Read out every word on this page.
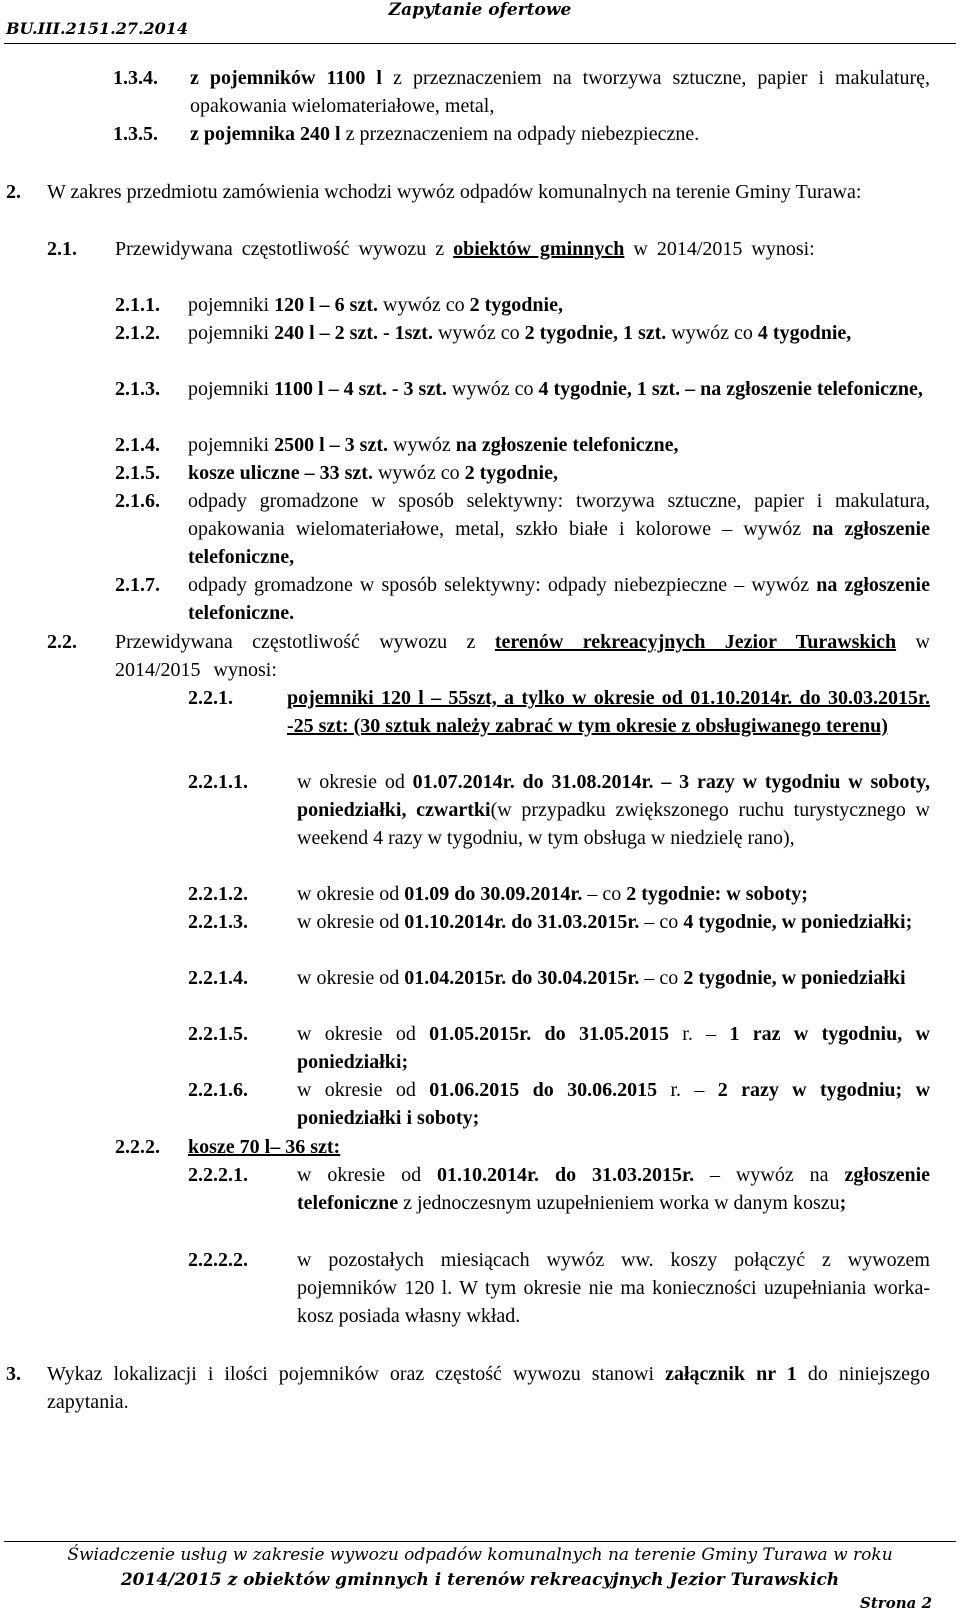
Zapytanie ofertowe
BU.III.2151.27.2014
1.3.4. z pojemników 1100 l z przeznaczeniem na tworzywa sztuczne, papier i makulaturę, opakowania wielomateriałowe, metal,
1.3.5. z pojemnika 240 l z przeznaczeniem na odpady niebezpieczne.
2. W zakres przedmiotu zamówienia wchodzi wywóz odpadów komunalnych na terenie Gminy Turawa:
2.1. Przewidywana częstotliwość wywozu z obiektów gminnych w 2014/2015 wynosi:
2.1.1. pojemniki 120 l – 6 szt. wywóz co 2 tygodnie,
2.1.2. pojemniki 240 l – 2 szt. - 1szt. wywóz co 2 tygodnie, 1 szt. wywóz co 4 tygodnie,
2.1.3. pojemniki 1100 l – 4 szt. - 3 szt. wywóz co 4 tygodnie, 1 szt. – na zgłoszenie telefoniczne,
2.1.4. pojemniki 2500 l – 3 szt. wywóz na zgłoszenie telefoniczne,
2.1.5. kosze uliczne – 33 szt. wywóz co 2 tygodnie,
2.1.6. odpady gromadzone w sposób selektywny: tworzywa sztuczne, papier i makulatura, opakowania wielomateriałowe, metal, szkło białe i kolorowe – wywóz na zgłoszenie telefoniczne,
2.1.7. odpady gromadzone w sposób selektywny: odpady niebezpieczne – wywóz na zgłoszenie telefoniczne.
2.2. Przewidywana częstotliwość wywozu z terenów rekreacyjnych Jezior Turawskich w 2014/2015 wynosi:
2.2.1.	pojemniki 120 l – 55szt, a tylko w okresie od 01.10.2014r. do 30.03.2015r. -25 szt: (30 sztuk należy zabrać w tym okresie z obsługiwanego terenu)
2.2.1.1. w okresie od 01.07.2014r. do 31.08.2014r. – 3 razy w tygodniu w soboty, poniedziałki, czwartki(w przypadku zwiększonego ruchu turystycznego w weekend 4 razy w tygodniu, w tym obsługa w niedzielę rano),
2.2.1.2. w okresie od 01.09 do 30.09.2014r. – co 2 tygodnie: w soboty;
2.2.1.3. w okresie od 01.10.2014r. do 31.03.2015r. – co 4 tygodnie, w poniedziałki;
2.2.1.4. w okresie od 01.04.2015r. do 30.04.2015r. – co 2 tygodnie, w poniedziałki
2.2.1.5. w okresie od 01.05.2015r. do 31.05.2015 r. – 1 raz w tygodniu, w poniedziałki;
2.2.1.6. w okresie od 01.06.2015 do 30.06.2015 r. – 2 razy w tygodniu; w poniedziałki i soboty;
2.2.2. kosze 70 l– 36 szt:
2.2.2.1. w okresie od 01.10.2014r. do 31.03.2015r. – wywóz na zgłoszenie telefoniczne z jednoczesnym uzupełnieniem worka w danym koszu;
2.2.2.2. w pozostałych miesiącach wywóz ww. koszy połączyć z wywozem pojemników 120 l. W tym okresie nie ma konieczności uzupełniania worka- kosz posiada własny wkład.
3. Wykaz lokalizacji i ilości pojemników oraz częstość wywozu stanowi załącznik nr 1 do niniejszego zapytania.
Świadczenie usług w zakresie wywozu odpadów komunalnych na terenie Gminy Turawa w roku
2014/2015 z obiektów gminnych i terenów rekreacyjnych Jezior Turawskich
Strona 2
